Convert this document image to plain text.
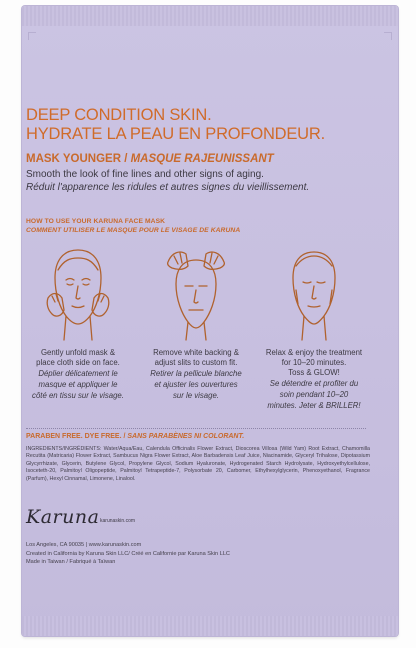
DEEP CONDITION SKIN.
HYDRATE LA PEAU EN PROFONDEUR.
MASK YOUNGER / MASQUE RAJEUNISSANT
Smooth the look of fine lines and other signs of aging.
Réduit l'apparence les ridules et autres signes du vieillissement.
HOW TO USE YOUR KARUNA FACE MASK
COMMENT UTILISER LE MASQUE POUR LE VISAGE DE KARUNA
Gently unfold mask &
place cloth side on face.
Déplier délicatement le
masque et appliquer le
côté en tissu sur le visage.
Remove white backing &
adjust slits to custom fit.
Retirer la pellicule blanche
et ajuster les ouvertures
sur le visage.
Relax & enjoy the treatment
for 10–20 minutes.
Toss & GLOW!
Se détendre et profiter du
soin pendant 10–20
minutes. Jeter & BRILLER!
PARABEN FREE. DYE FREE. / SANS PARABÈNES NI COLORANT.
INGREDIENTS/INGRÉDIENTS: Water/Aqua/Eau, Calendula Officinalis Flower Extract, Dioscorea Villosa (Wild Yam) Root Extract, Chamomilla Recutita (Matricaria) Flower Extract, Sambucus Nigra Flower Extract, Aloe Barbadensis Leaf Juice, Niacinamide, Glyceryl Trihalose, Dipotassium Glycyrrhizate, Glycerin, Butylene Glycol, Propylene Glycol, Sodium Hyaluronate, Hydrogenated Starch Hydrolysate, Hydroxyethylcellulose, Isoceteth-20, Palmitoyl Oligopeptide, Palmitoyl Tetrapeptide-7, Polysorbate 20, Carbomer, Ethylhexylglycerin, Phenoxyethanol, Fragrance (Parfum), Hexyl Cinnamal, Limonene, Linalool.
Karuna karunaskin.com
Los Angeles, CA 90035 | www.karunaskin.com
Created in California by Karuna Skin LLC/ Créé en Californie par Karuna Skin LLC
Made in Taiwan / Fabriqué à Taïwan
